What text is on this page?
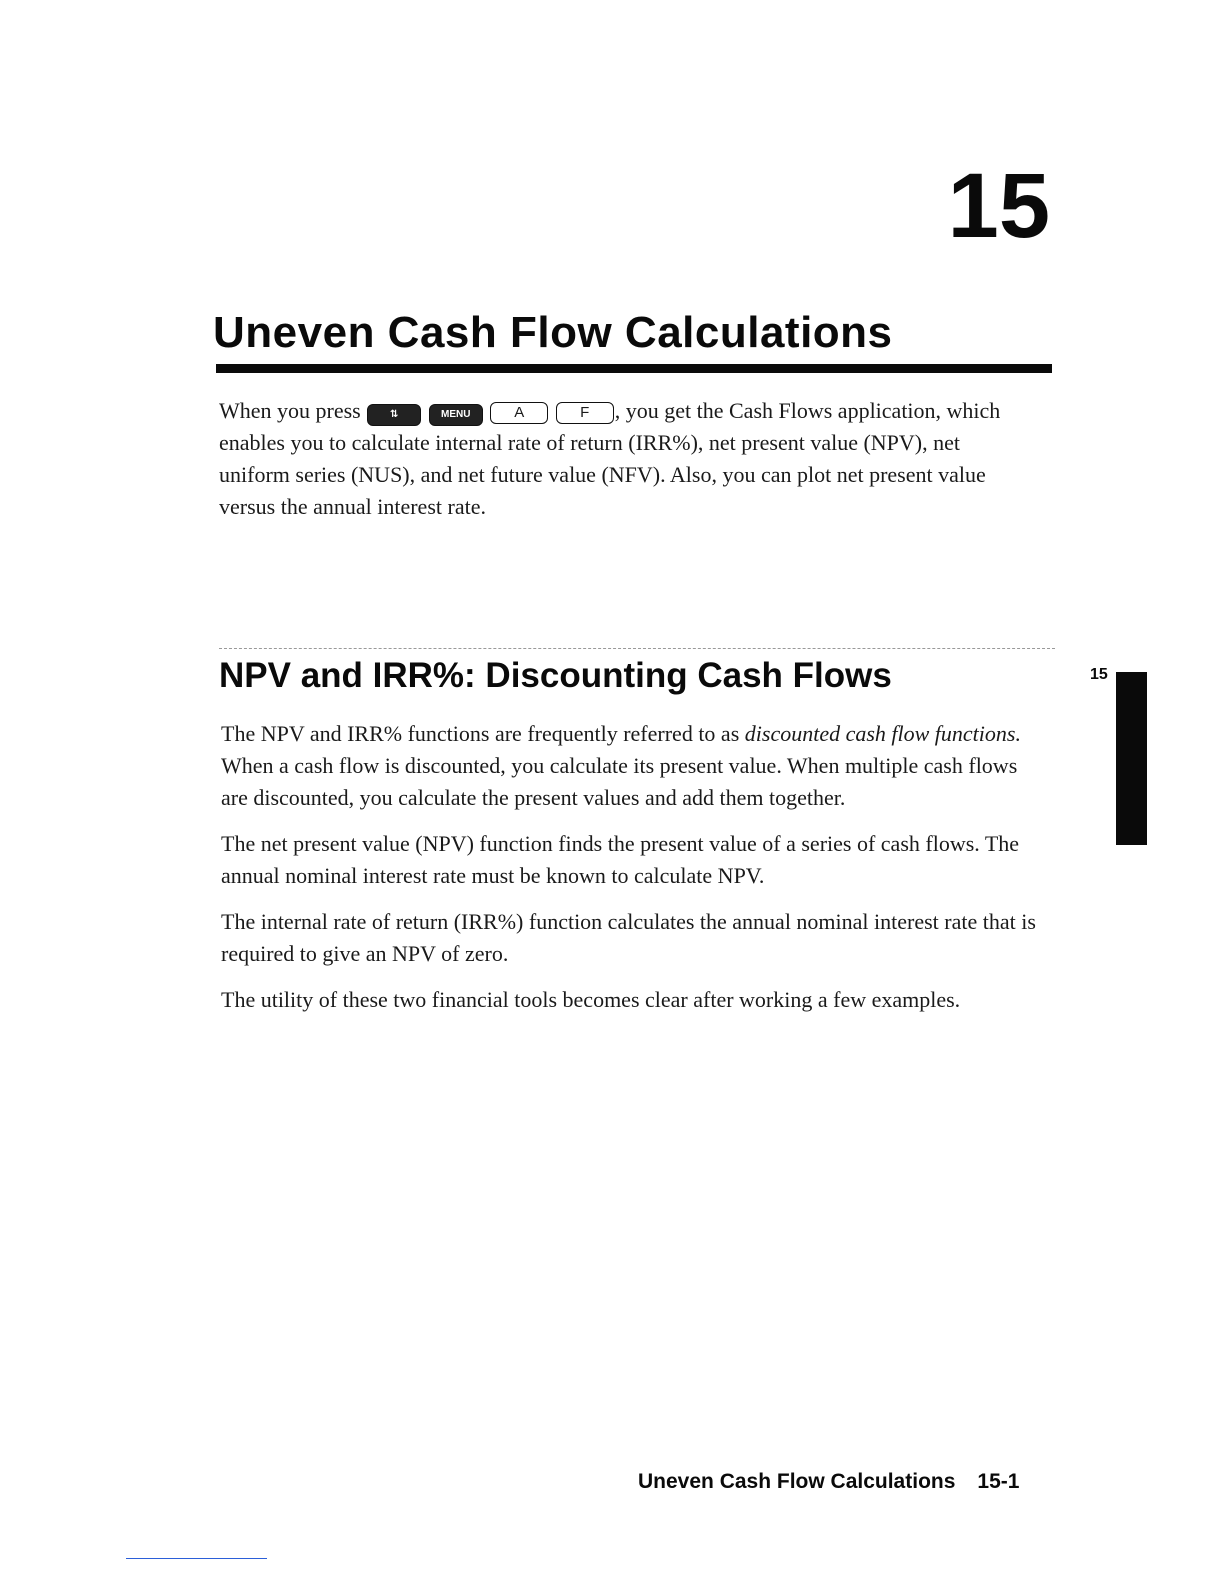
15
Uneven Cash Flow Calculations

When you press ⇅	MENU	A	F , you get the Cash Flows application, which enables you to calculate internal rate of return (IRR%), net present value (NPV), net uniform series (NUS), and net future value (NFV). Also, you can plot net present value versus the annual interest rate.

NPV and IRR%: Discounting Cash Flows	15

The NPV and IRR% functions are frequently referred to as discounted cash flow functions. When a cash flow is discounted, you calculate its present value. When multiple cash flows are discounted, you calculate the present values and add them together.

The net present value (NPV) function finds the present value of a series of cash flows. The annual nominal interest rate must be known to calculate NPV.

The internal rate of return (IRR%) function calculates the annual nominal interest rate that is required to give an NPV of zero.

The utility of these two financial tools becomes clear after working a few examples.

Uneven Cash Flow Calculations 15-1
